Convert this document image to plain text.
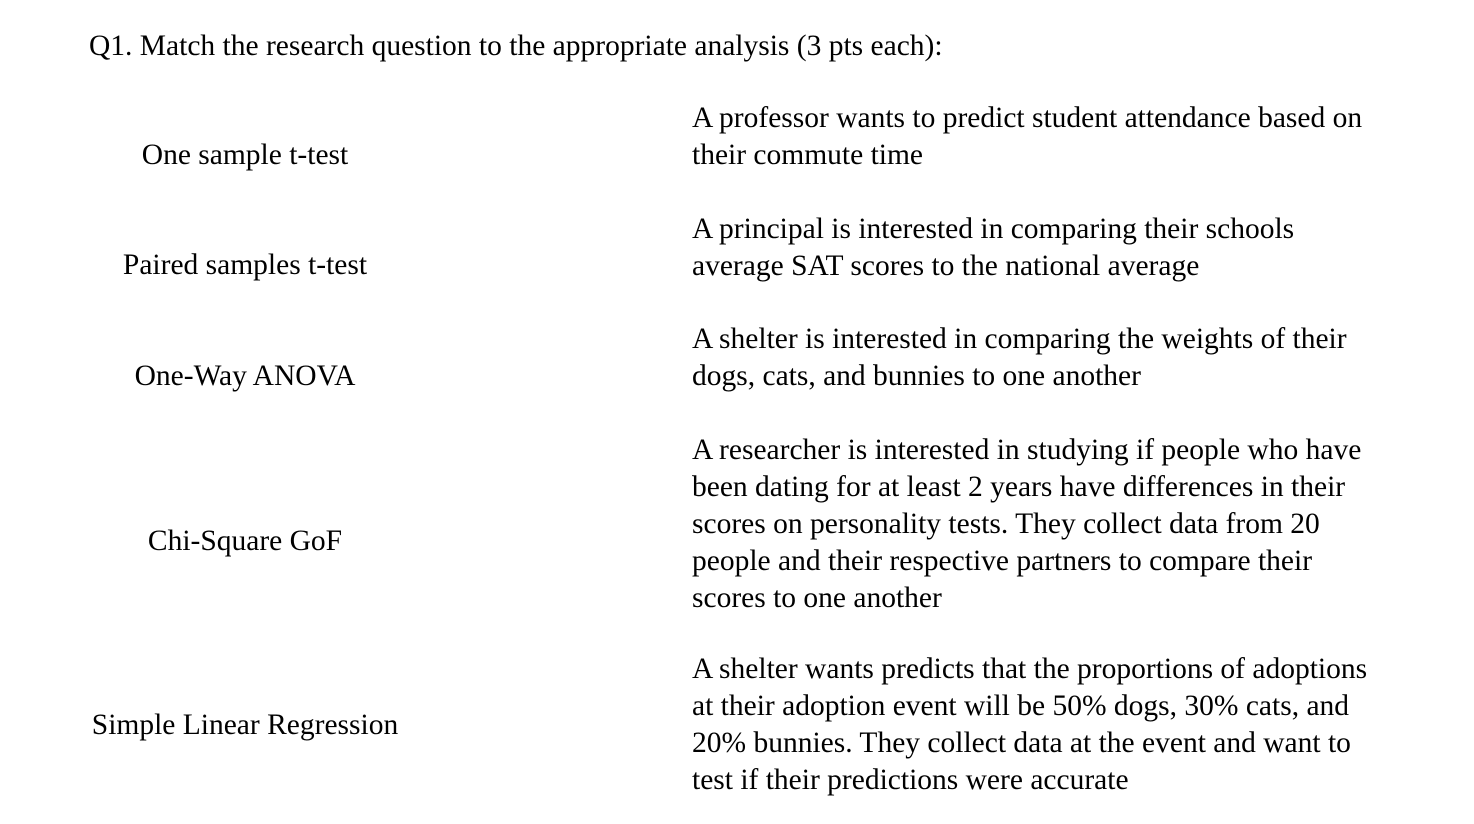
Q1. Match the research question to the appropriate analysis (3 pts each):
One sample t-test
Paired samples t-test
One-Way ANOVA
Chi-Square GoF
Simple Linear Regression
A professor wants to predict student attendance based on
their commute time
A principal is interested in comparing their schools
average SAT scores to the national average
A shelter is interested in comparing the weights of their
dogs, cats, and bunnies to one another
A researcher is interested in studying if people who have
been dating for at least 2 years have differences in their
scores on personality tests. They collect data from 20
people and their respective partners to compare their
scores to one another
A shelter wants predicts that the proportions of adoptions
at their adoption event will be 50% dogs, 30% cats, and
20% bunnies. They collect data at the event and want to
test if their predictions were accurate
